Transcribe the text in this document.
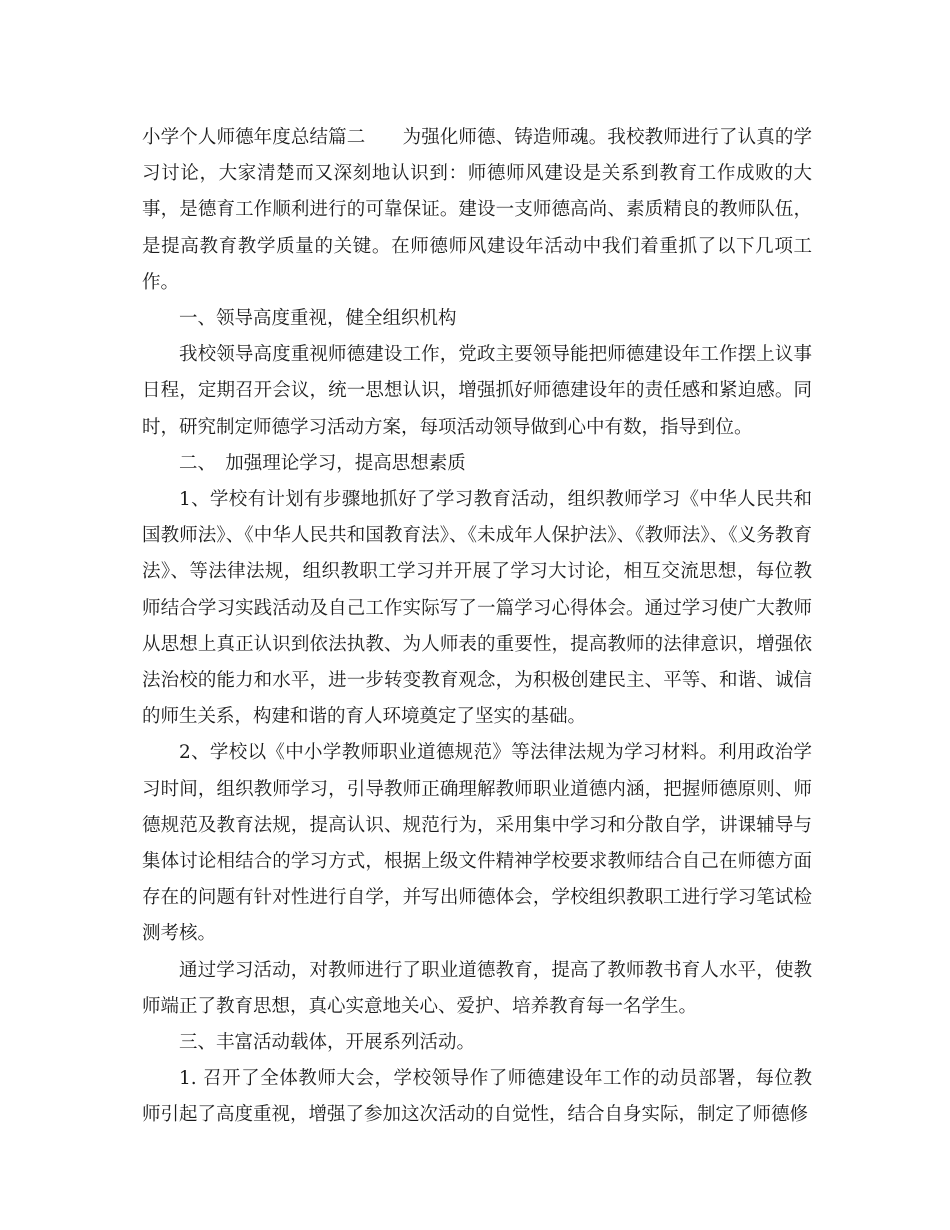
小学个人师德年度总结篇二　　为强化师德、铸造师魂。我校教师进行了认真的学习讨论，大家清楚而又深刻地认识到：师德师风建设是关系到教育工作成败的大事，是德育工作顺利进行的可靠保证。建设一支师德高尚、素质精良的教师队伍，是提高教育教学质量的关键。在师德师风建设年活动中我们着重抓了以下几项工作。

一、领导高度重视，健全组织机构

我校领导高度重视师德建设工作，党政主要领导能把师德建设年工作摆上议事日程，定期召开会议，统一思想认识，增强抓好师德建设年的责任感和紧迫感。同时，研究制定师德学习活动方案，每项活动领导做到心中有数，指导到位。

二、　加强理论学习，提高思想素质

1、学校有计划有步骤地抓好了学习教育活动，组织教师学习《中华人民共和国教师法》、《中华人民共和国教育法》、《未成年人保护法》、《教师法》、《义务教育法》、等法律法规，组织教职工学习并开展了学习大讨论，相互交流思想，每位教师结合学习实践活动及自己工作实际写了一篇学习心得体会。通过学习使广大教师从思想上真正认识到依法执教、为人师表的重要性，提高教师的法律意识，增强依法治校的能力和水平，进一步转变教育观念，为积极创建民主、平等、和谐、诚信的师生关系，构建和谐的育人环境奠定了坚实的基础。

2、学校以《中小学教师职业道德规范》等法律法规为学习材料。利用政治学习时间，组织教师学习，引导教师正确理解教师职业道德内涵，把握师德原则、师德规范及教育法规，提高认识、规范行为，采用集中学习和分散自学，讲课辅导与集体讨论相结合的学习方式，根据上级文件精神学校要求教师结合自己在师德方面存在的问题有针对性进行自学，并写出师德体会，学校组织教职工进行学习笔试检测考核。

通过学习活动，对教师进行了职业道德教育，提高了教师教书育人水平，使教师端正了教育思想，真心实意地关心、爱护、培养教育每一名学生。

三、丰富活动载体，开展系列活动。

1. 召开了全体教师大会，学校领导作了师德建设年工作的动员部署，每位教师引起了高度重视，增强了参加这次活动的自觉性，结合自身实际，制定了师德修
